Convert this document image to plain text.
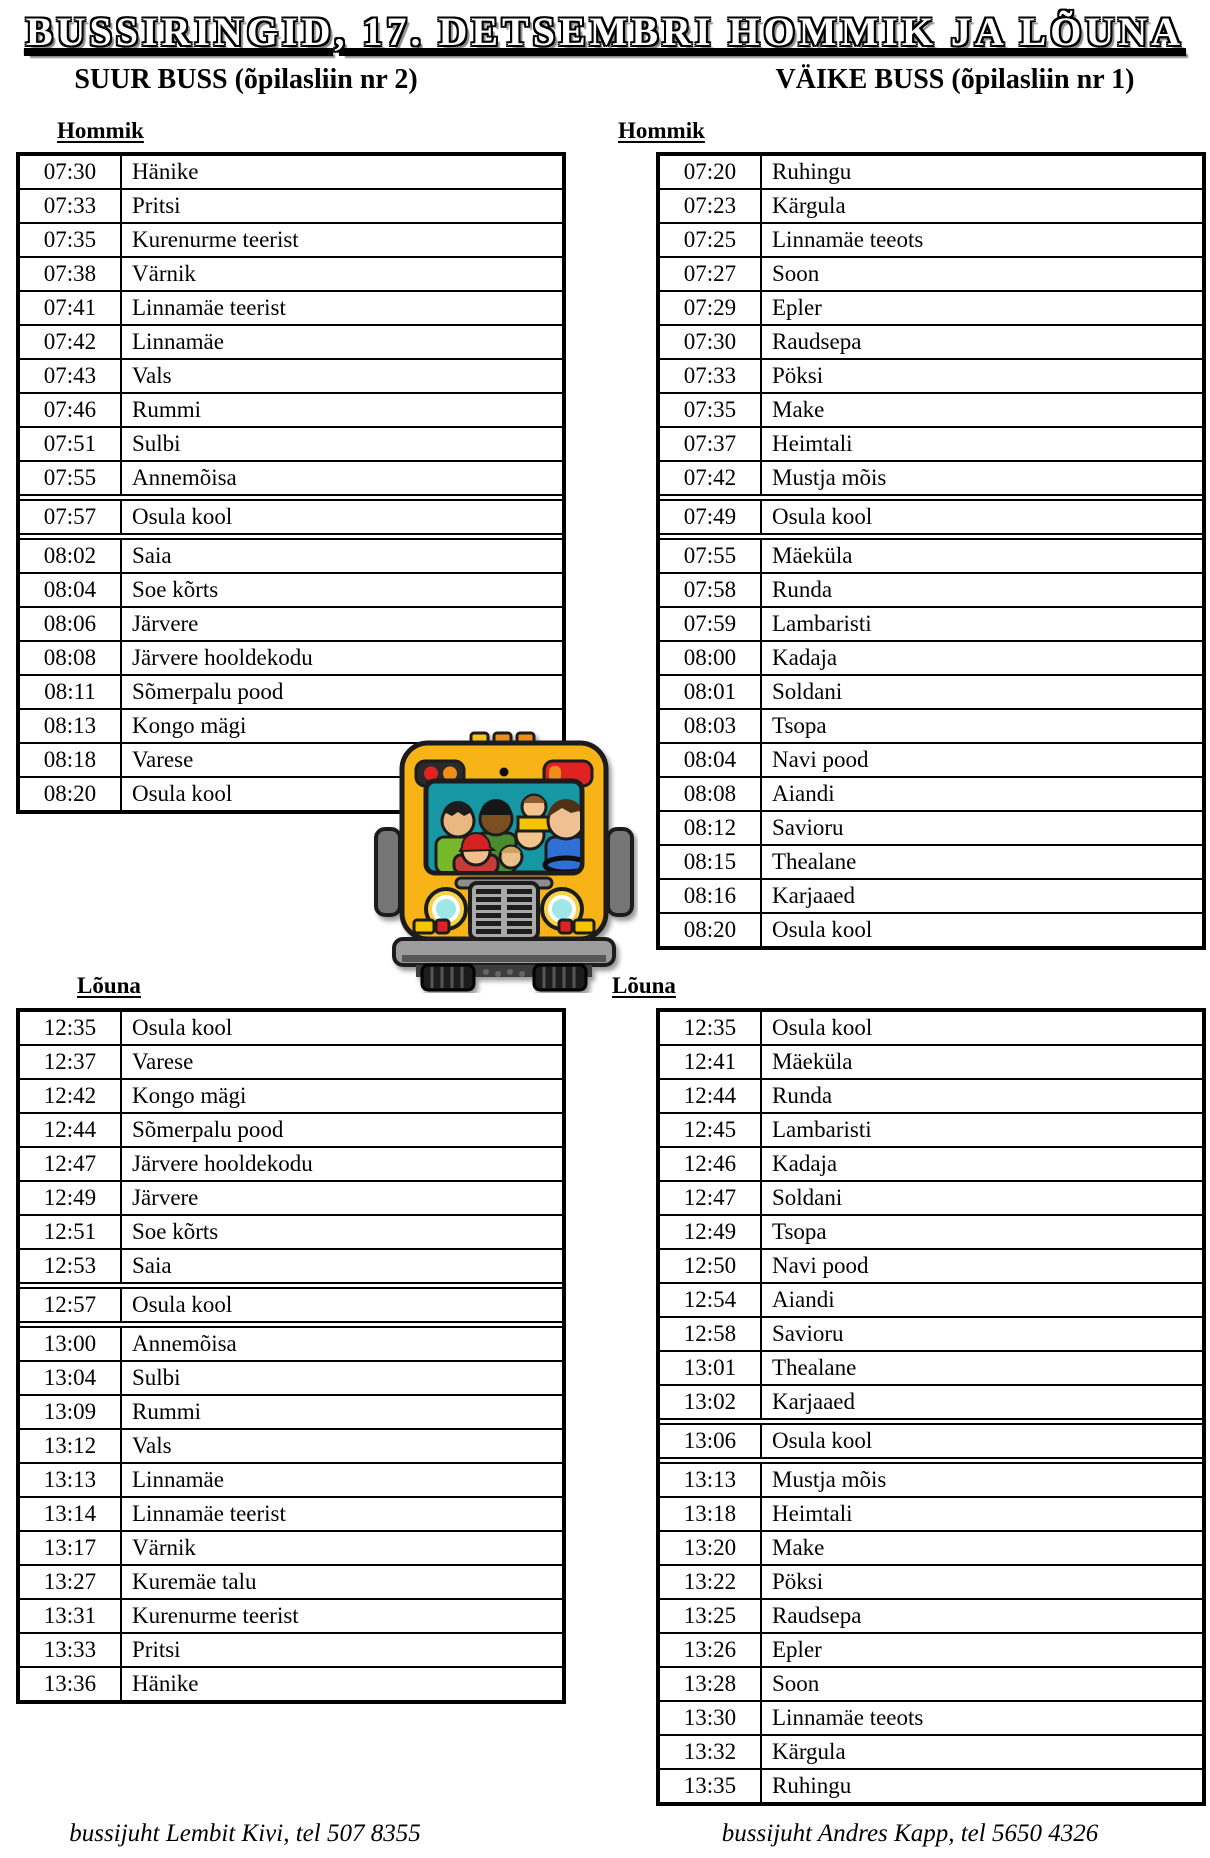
BUSSIRINGID, 17. DETSEMBRI HOMMIK JA LÕUNA
SUUR BUSS (õpilasliin nr 2)	VÄIKE BUSS (õpilasliin nr 1)
Hommik	Hommik
07:30	Hänike
07:33	Pritsi
07:35	Kurenurme teerist
07:38	Värnik
07:41	Linnamäe teerist
07:42	Linnamäe
07:43	Vals
07:46	Rummi
07:51	Sulbi
07:55	Annemõisa
07:57	Osula kool
08:02	Saia
08:04	Soe kõrts
08:06	Järvere
08:08	Järvere hooldekodu
08:11	Sõmerpalu pood
08:13	Kongo mägi
08:18	Varese
08:20	Osula kool
07:20	Ruhingu
07:23	Kärgula
07:25	Linnamäe teeots
07:27	Soon
07:29	Epler
07:30	Raudsepa
07:33	Pöksi
07:35	Make
07:37	Heimtali
07:42	Mustja mõis
07:49	Osula kool
07:55	Mäeküla
07:58	Runda
07:59	Lambaristi
08:00	Kadaja
08:01	Soldani
08:03	Tsopa
08:04	Navi pood
08:08	Aiandi
08:12	Savioru
08:15	Thealane
08:16	Karjaaed
08:20	Osula kool
Lõuna	Lõuna
12:35	Osula kool
12:37	Varese
12:42	Kongo mägi
12:44	Sõmerpalu pood
12:47	Järvere hooldekodu
12:49	Järvere
12:51	Soe kõrts
12:53	Saia
12:57	Osula kool
13:00	Annemõisa
13:04	Sulbi
13:09	Rummi
13:12	Vals
13:13	Linnamäe
13:14	Linnamäe teerist
13:17	Värnik
13:27	Kuremäe talu
13:31	Kurenurme teerist
13:33	Pritsi
13:36	Hänike
12:35	Osula kool
12:41	Mäeküla
12:44	Runda
12:45	Lambaristi
12:46	Kadaja
12:47	Soldani
12:49	Tsopa
12:50	Navi pood
12:54	Aiandi
12:58	Savioru
13:01	Thealane
13:02	Karjaaed
13:06	Osula kool
13:13	Mustja mõis
13:18	Heimtali
13:20	Make
13:22	Pöksi
13:25	Raudsepa
13:26	Epler
13:28	Soon
13:30	Linnamäe teeots
13:32	Kärgula
13:35	Ruhingu
bussijuht Lembit Kivi, tel 507 8355	bussijuht Andres Kapp, tel 5650 4326
